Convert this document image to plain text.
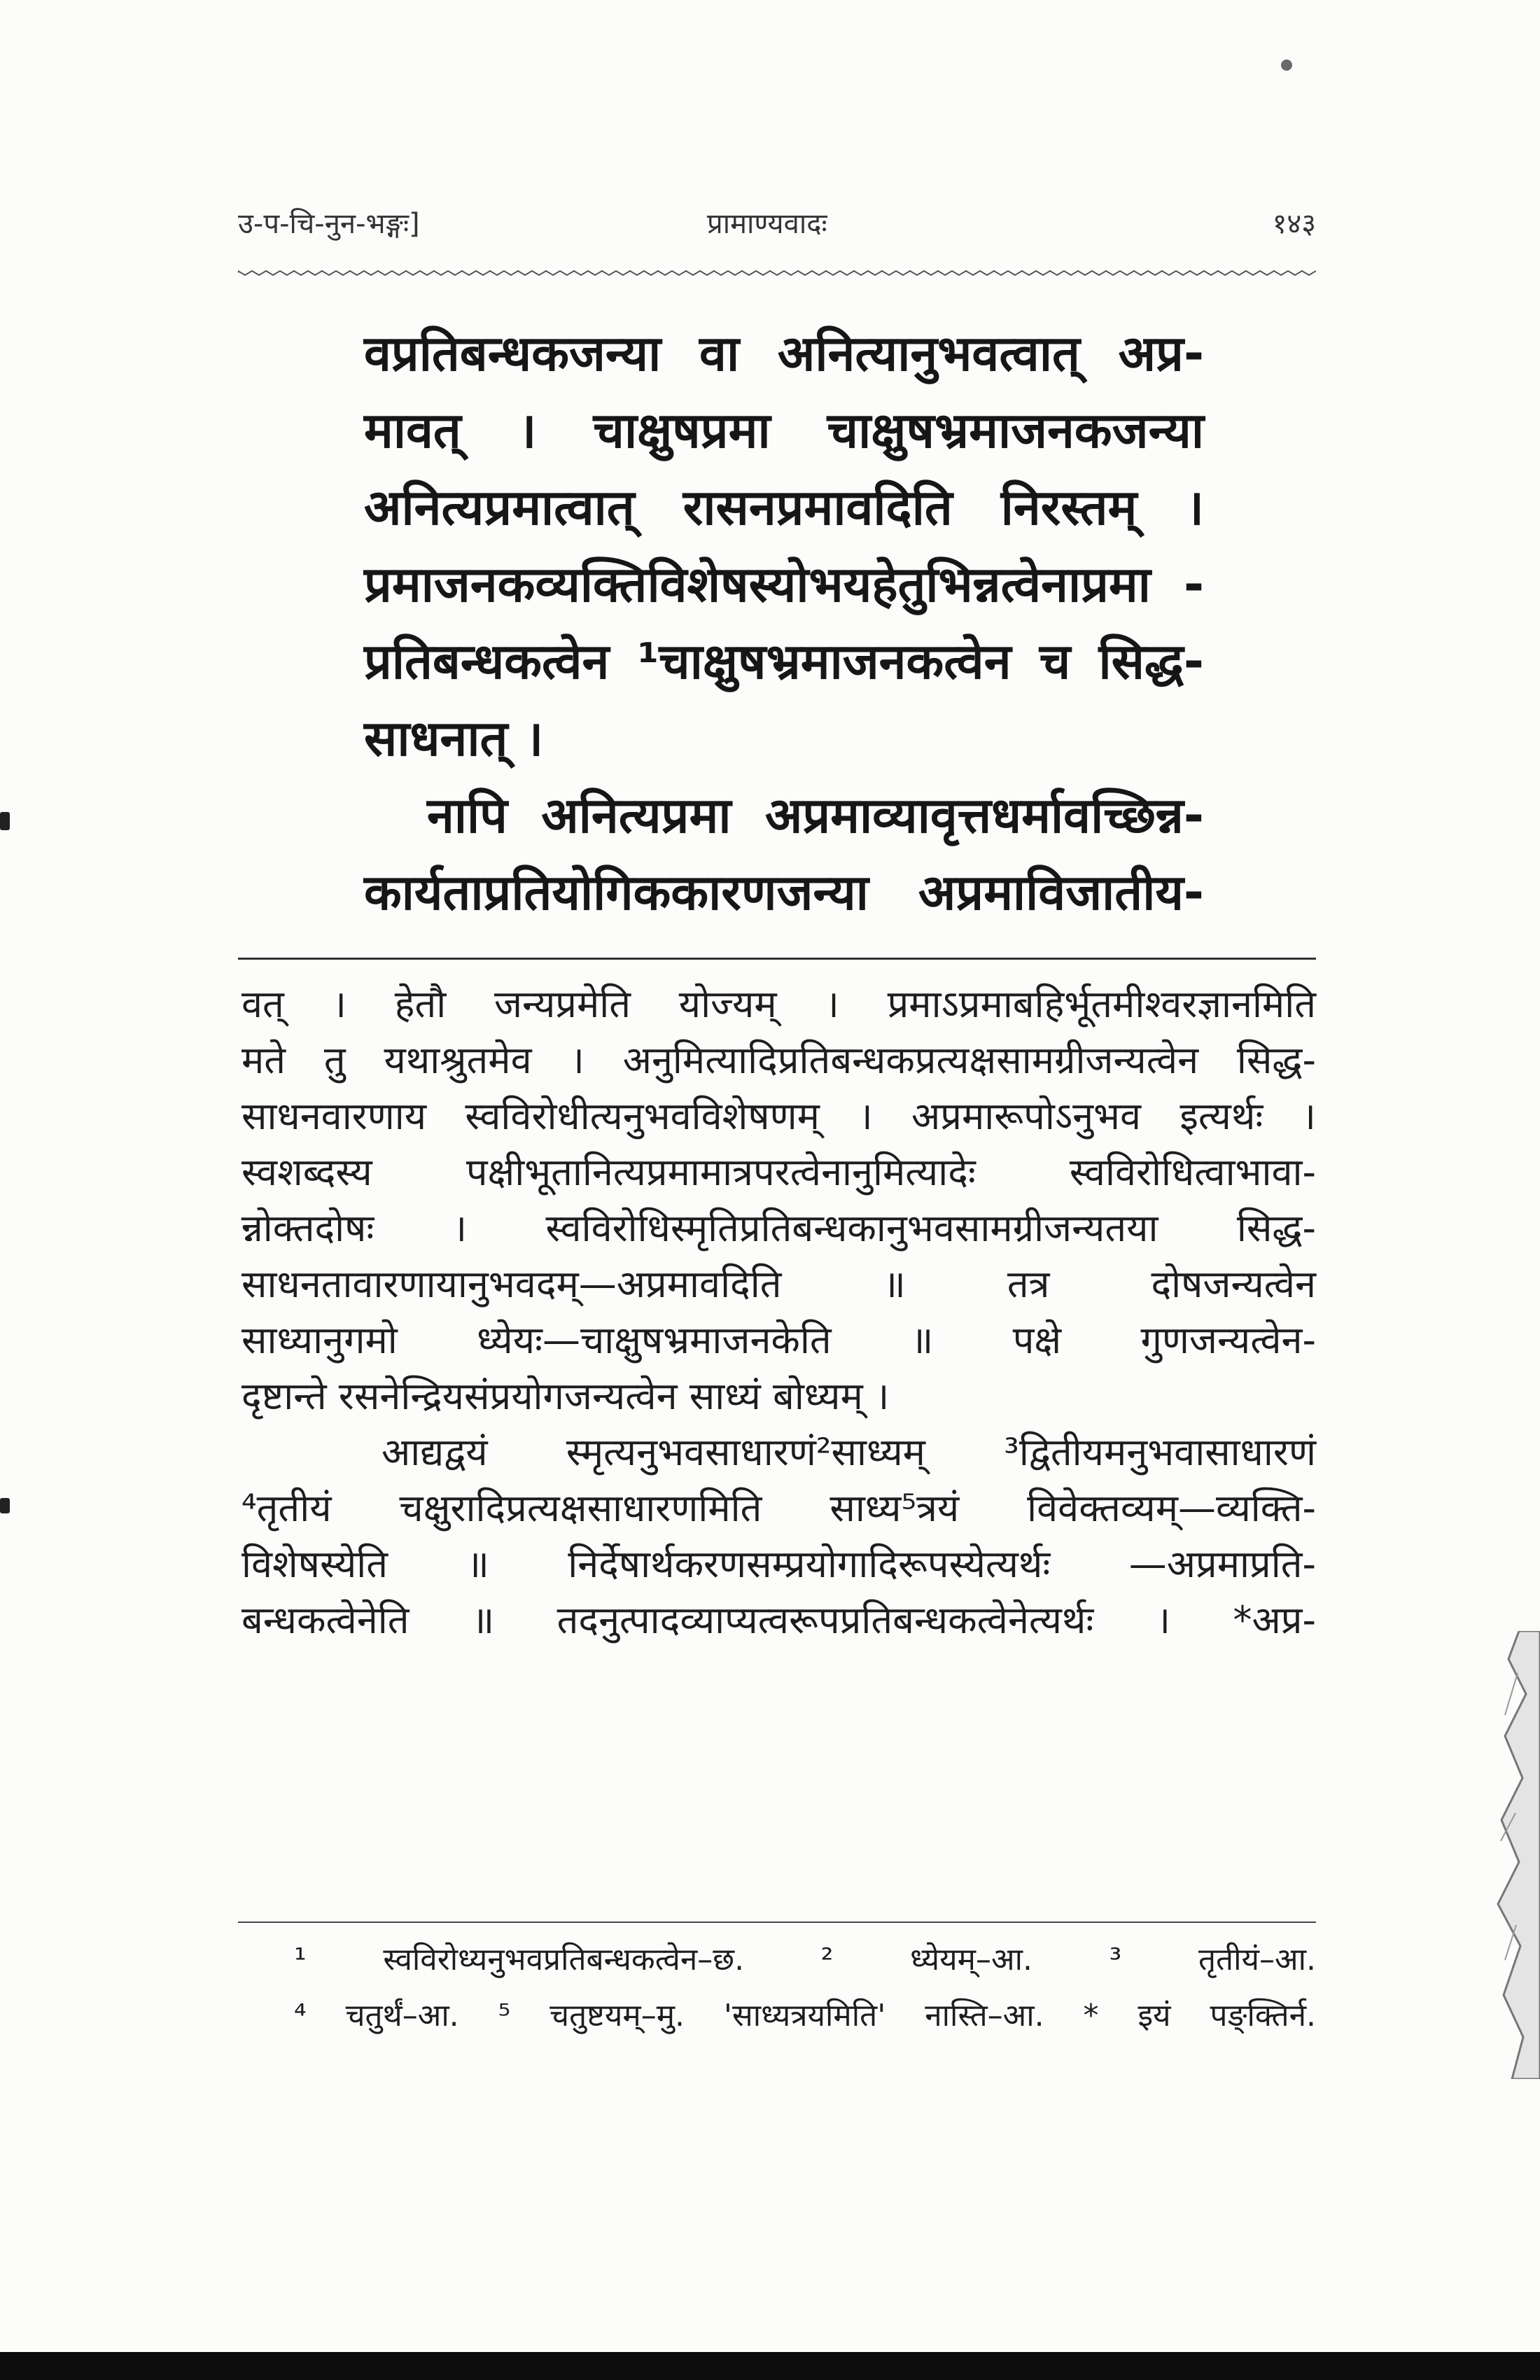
उ-प-चि-नुन-भङ्गः]	प्रामाण्यवादः	१४३
वप्रतिबन्धकजन्या वा अनित्यानुभवत्वात् अप्र-
मावत् । चाक्षुषप्रमा चाक्षुषभ्रमाजनकजन्या
अनित्यप्रमात्वात् रासनप्रमावदिति निरस्तम् ।
प्रमाजनकव्यक्तिविशेषस्योभयहेतुभिन्नत्वेनाप्रमा -
प्रतिबन्धकत्वेन ¹चाक्षुषभ्रमाजनकत्वेन च सिद्ध-
साधनात् ।
नापि अनित्यप्रमा अप्रमाव्यावृत्तधर्मावच्छिन्न-
कार्यताप्रतियोगिककारणजन्या अप्रमाविजातीय-
वत् । हेतौ जन्यप्रमेति योज्यम् । प्रमाऽप्रमाबहिर्भूतमीश्वरज्ञानमिति
मते तु यथाश्रुतमेव । अनुमित्यादिप्रतिबन्धकप्रत्यक्षसामग्रीजन्यत्वेन सिद्ध-
साधनवारणाय स्वविरोधीत्यनुभवविशेषणम् । अप्रमारूपोऽनुभव इत्यर्थः ।
स्वशब्दस्य पक्षीभूतानित्यप्रमामात्रपरत्वेनानुमित्यादेः स्वविरोधित्वाभावा-
न्नोक्तदोषः । स्वविरोधिस्मृतिप्रतिबन्धकानुभवसामग्रीजन्यतया सिद्ध-
साधनतावारणायानुभवदम्—अप्रमावदिति ॥ तत्र दोषजन्यत्वेन
साध्यानुगमो ध्येयः—चाक्षुषभ्रमाजनकेति ॥ पक्षे गुणजन्यत्वेन-
दृष्टान्ते रसनेन्द्रियसंप्रयोगजन्यत्वेन साध्यं बोध्यम् ।
आद्यद्वयं स्मृत्यनुभवसाधारणं²साध्यम् ³द्वितीयमनुभवासाधारणं
⁴तृतीयं चक्षुरादिप्रत्यक्षसाधारणमिति साध्य⁵त्रयं विवेक्तव्यम्—व्यक्ति-
विशेषस्येति ॥ निर्देषार्थकरणसम्प्रयोगादिरूपस्येत्यर्थः —अप्रमाप्रति-
बन्धकत्वेनेति ॥ तदनुत्पादव्याप्यत्वरूपप्रतिबन्धकत्वेनेत्यर्थः । *अप्र-
¹ स्वविरोध्यनुभवप्रतिबन्धकत्वेन–छ. ² ध्येयम्–आ. ³ तृतीयं–आ.
⁴ चतुर्थं–आ. ⁵ चतुष्टयम्–मु. 'साध्यत्रयमिति' नास्ति–आ. * इयं पङ्क्तिर्न.
